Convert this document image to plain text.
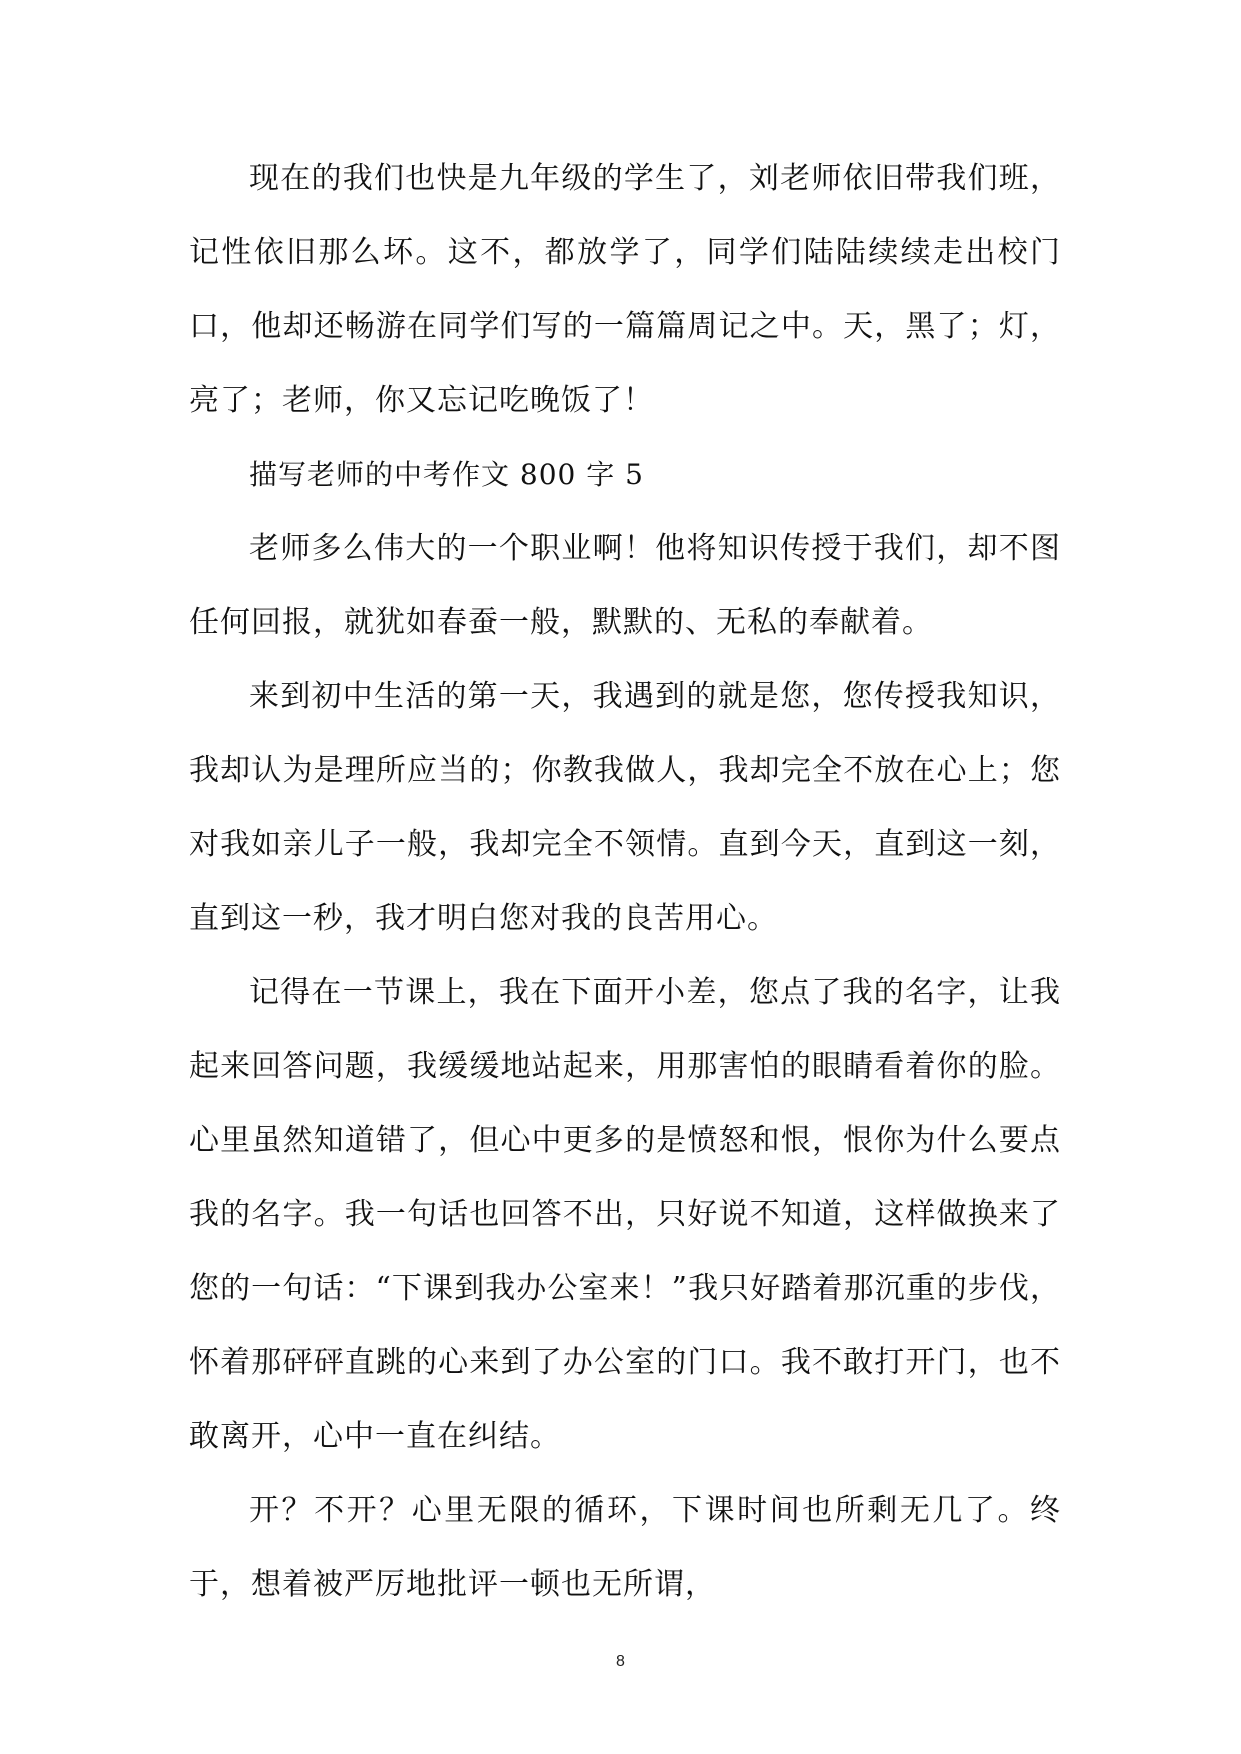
现在的我们也快是九年级的学生了，刘老师依旧带我们班，记性依旧那么坏。这不，都放学了，同学们陆陆续续走出校门口，他却还畅游在同学们写的一篇篇周记之中。天，黑了；灯，亮了；老师，你又忘记吃晚饭了！

描写老师的中考作文 800 字 5

老师多么伟大的一个职业啊！他将知识传授于我们，却不图任何回报，就犹如春蚕一般，默默的、无私的奉献着。

来到初中生活的第一天，我遇到的就是您，您传授我知识，我却认为是理所应当的；你教我做人，我却完全不放在心上；您对我如亲儿子一般，我却完全不领情。直到今天，直到这一刻，直到这一秒，我才明白您对我的良苦用心。

记得在一节课上，我在下面开小差，您点了我的名字，让我起来回答问题，我缓缓地站起来，用那害怕的眼睛看着你的脸。心里虽然知道错了，但心中更多的是愤怒和恨，恨你为什么要点我的名字。我一句话也回答不出，只好说不知道，这样做换来了您的一句话：“下课到我办公室来！”我只好踏着那沉重的步伐，怀着那砰砰直跳的心来到了办公室的门口。我不敢打开门，也不敢离开，心中一直在纠结。

开？不开？心里无限的循环，下课时间也所剩无几了。终于，想着被严厉地批评一顿也无所谓，

8
